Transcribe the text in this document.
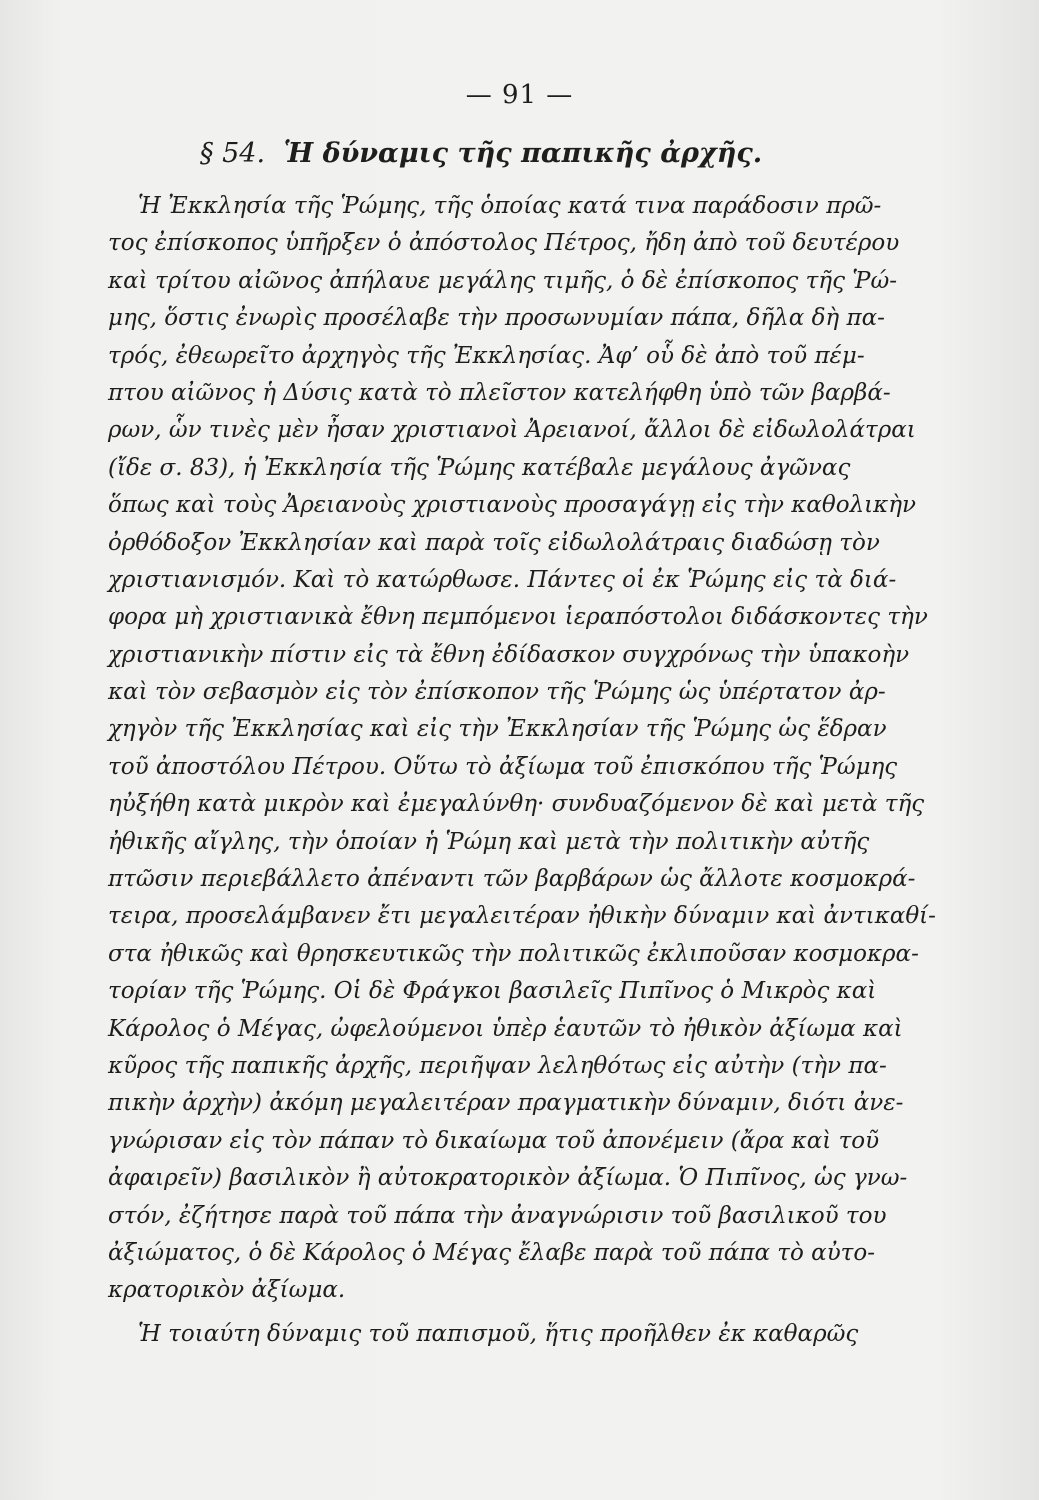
— 91 —
§ 54. Ἡ δύναμις τῆς παπικῆς ἀρχῆς.
Ἡ Ἐκκλησία τῆς Ῥώμης, τῆς ὁποίας κατά τινα παράδοσιν πρῶ-
τος ἐπίσκοπος ὑπῆρξεν ὁ ἀπόστολος Πέτρος, ἤδη ἀπὸ τοῦ δευτέρου
καὶ τρίτου αἰῶνος ἀπήλαυε μεγάλης τιμῆς, ὁ δὲ ἐπίσκοπος τῆς Ῥώ-
μης, ὅστις ἐνωρὶς προσέλαβε τὴν προσωνυμίαν πάπα, δῆλα δὴ πα-
τρός, ἐθεωρεῖτο ἀρχηγὸς τῆς Ἐκκλησίας. Ἀφ’ οὗ δὲ ἀπὸ τοῦ πέμ-
πτου αἰῶνος ἡ Δύσις κατὰ τὸ πλεῖστον κατελήφθη ὑπὸ τῶν βαρβά-
ρων, ὧν τινὲς μὲν ἦσαν χριστιανοὶ Ἀρειανοί, ἄλλοι δὲ εἰδωλολάτραι
(ἴδε σ. 83), ἡ Ἐκκλησία τῆς Ῥώμης κατέβαλε μεγάλους ἀγῶνας
ὅπως καὶ τοὺς Ἀρειανοὺς χριστιανοὺς προσαγάγῃ εἰς τὴν καθολικὴν
ὀρθόδοξον Ἐκκλησίαν καὶ παρὰ τοῖς εἰδωλολάτραις διαδώσῃ τὸν
χριστιανισμόν. Καὶ τὸ κατώρθωσε. Πάντες οἱ ἐκ Ῥώμης εἰς τὰ διά-
φορα μὴ χριστιανικὰ ἔθνη πεμπόμενοι ἱεραπόστολοι διδάσκοντες τὴν
χριστιανικὴν πίστιν εἰς τὰ ἔθνη ἐδίδασκον συγχρόνως τὴν ὑπακοὴν
καὶ τὸν σεβασμὸν εἰς τὸν ἐπίσκοπον τῆς Ῥώμης ὡς ὑπέρτατον ἀρ-
χηγὸν τῆς Ἐκκλησίας καὶ εἰς τὴν Ἐκκλησίαν τῆς Ῥώμης ὡς ἕδραν
τοῦ ἀποστόλου Πέτρου. Οὕτω τὸ ἀξίωμα τοῦ ἐπισκόπου τῆς Ῥώμης
ηὐξήθη κατὰ μικρὸν καὶ ἐμεγαλύνθη· συνδυαζόμενον δὲ καὶ μετὰ τῆς
ἠθικῆς αἴγλης, τὴν ὁποίαν ἡ Ῥώμη καὶ μετὰ τὴν πολιτικὴν αὐτῆς
πτῶσιν περιεβάλλετο ἀπέναντι τῶν βαρβάρων ὡς ἄλλοτε κοσμοκρά-
τειρα, προσελάμβανεν ἔτι μεγαλειτέραν ἠθικὴν δύναμιν καὶ ἀντικαθί-
στα ἠθικῶς καὶ θρησκευτικῶς τὴν πολιτικῶς ἐκλιποῦσαν κοσμοκρα-
τορίαν τῆς Ῥώμης. Οἱ δὲ Φράγκοι βασιλεῖς Πιπῖνος ὁ Μικρὸς καὶ
Κάρολος ὁ Μέγας, ὠφελούμενοι ὑπὲρ ἑαυτῶν τὸ ἠθικὸν ἀξίωμα καὶ
κῦρος τῆς παπικῆς ἀρχῆς, περιῆψαν λεληθότως εἰς αὐτὴν (τὴν πα-
πικὴν ἀρχὴν) ἀκόμη μεγαλειτέραν πραγματικὴν δύναμιν, διότι ἀνε-
γνώρισαν εἰς τὸν πάπαν τὸ δικαίωμα τοῦ ἀπονέμειν (ἄρα καὶ τοῦ
ἀφαιρεῖν) βασιλικὸν ἢ αὐτοκρατορικὸν ἀξίωμα. Ὁ Πιπῖνος, ὡς γνω-
στόν, ἐζήτησε παρὰ τοῦ πάπα τὴν ἀναγνώρισιν τοῦ βασιλικοῦ του
ἀξιώματος, ὁ δὲ Κάρολος ὁ Μέγας ἔλαβε παρὰ τοῦ πάπα τὸ αὐτο-
κρατορικὸν ἀξίωμα.
Ἡ τοιαύτη δύναμις τοῦ παπισμοῦ, ἥτις προῆλθεν ἐκ καθαρῶς
